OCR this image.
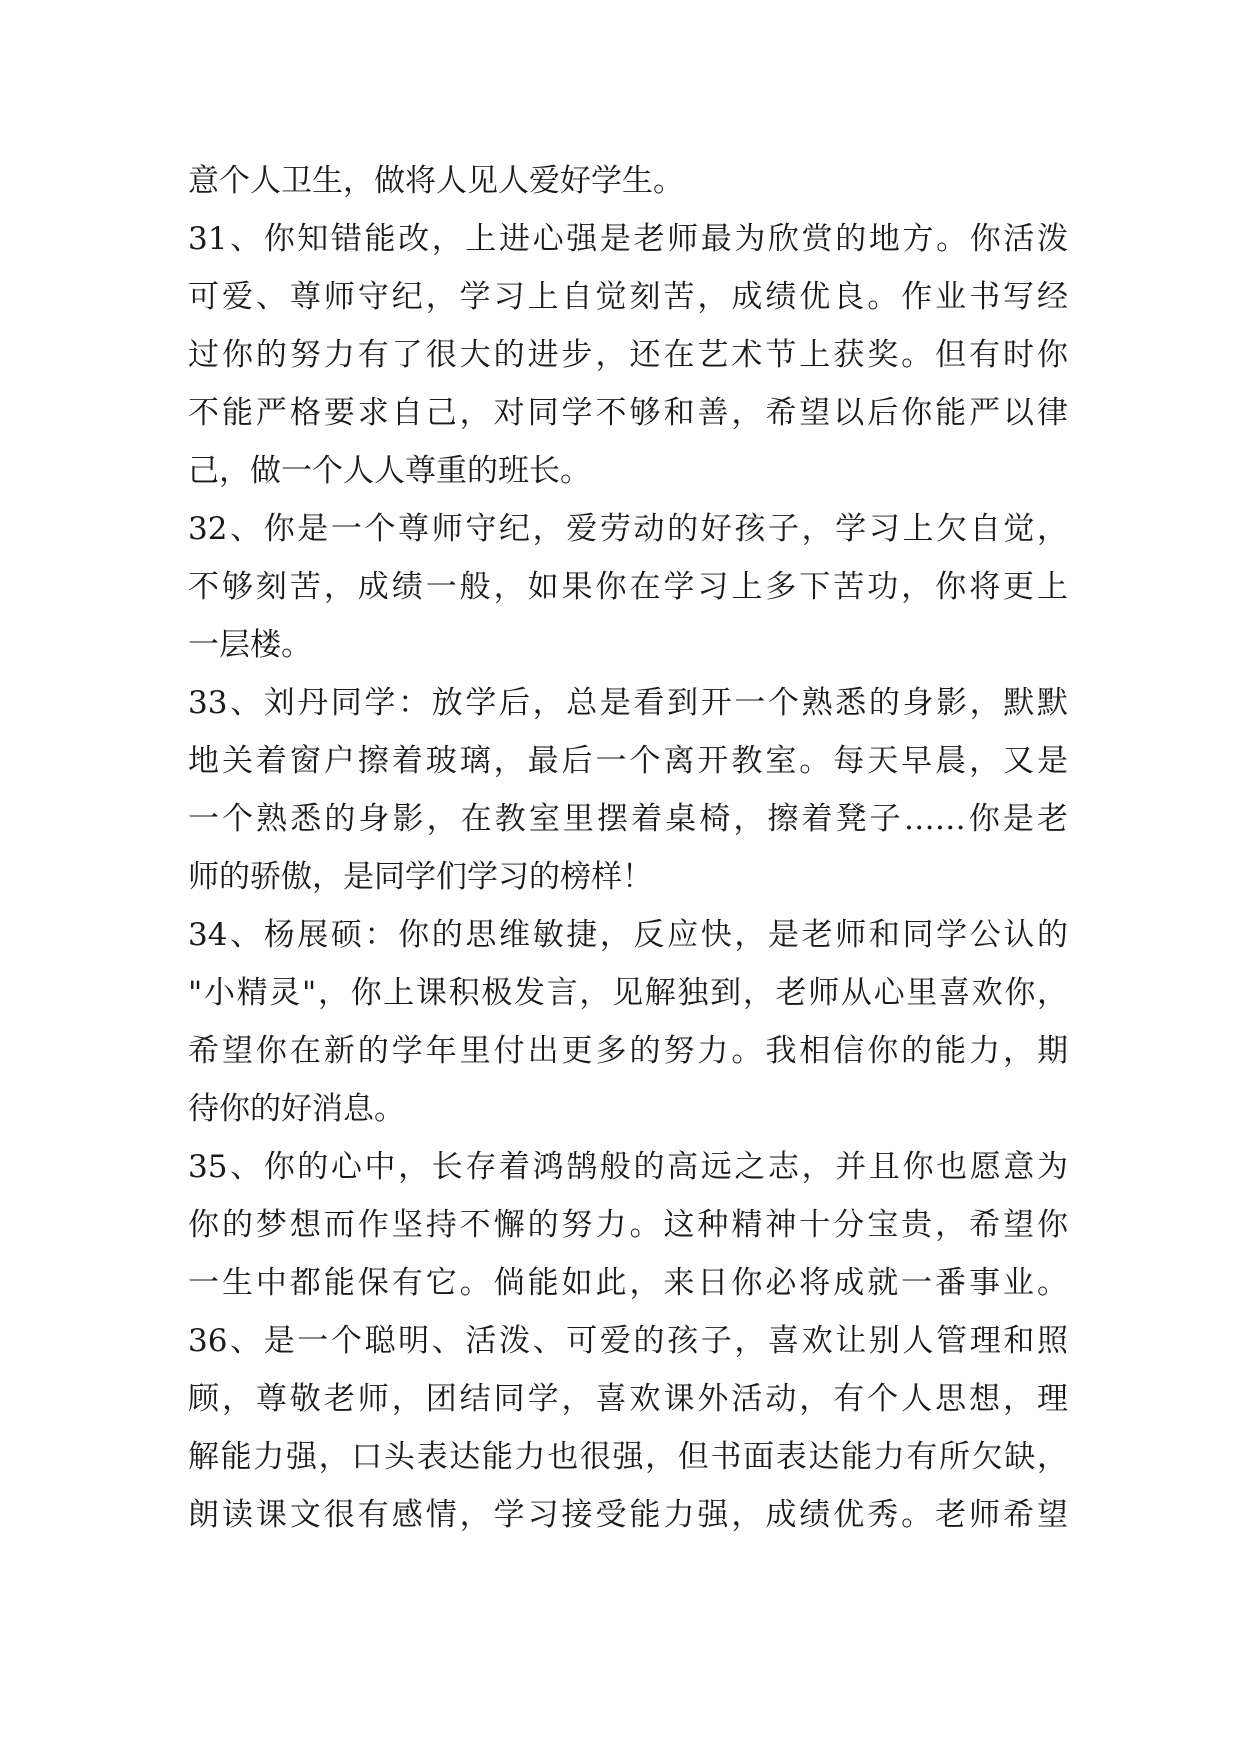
意个人卫生，做将人见人爱好学生。
31、你知错能改，上进心强是老师最为欣赏的地方。你活泼
可爱、尊师守纪，学习上自觉刻苦，成绩优良。作业书写经
过你的努力有了很大的进步，还在艺术节上获奖。但有时你
不能严格要求自己，对同学不够和善，希望以后你能严以律
己，做一个人人尊重的班长。
32、你是一个尊师守纪，爱劳动的好孩子，学习上欠自觉，
不够刻苦，成绩一般，如果你在学习上多下苦功，你将更上
一层楼。
33、刘丹同学：放学后，总是看到开一个熟悉的身影，默默
地关着窗户擦着玻璃，最后一个离开教室。每天早晨，又是
一个熟悉的身影，在教室里摆着桌椅，擦着凳子……你是老
师的骄傲，是同学们学习的榜样！
34、杨展硕：你的思维敏捷，反应快，是老师和同学公认的
"小精灵"，你上课积极发言，见解独到，老师从心里喜欢你，
希望你在新的学年里付出更多的努力。我相信你的能力，期
待你的好消息。
35、你的心中，长存着鸿鹄般的高远之志，并且你也愿意为
你的梦想而作坚持不懈的努力。这种精神十分宝贵，希望你
一生中都能保有它。倘能如此，来日你必将成就一番事业。
36、是一个聪明、活泼、可爱的孩子，喜欢让别人管理和照
顾，尊敬老师，团结同学，喜欢课外活动，有个人思想，理
解能力强，口头表达能力也很强，但书面表达能力有所欠缺，
朗读课文很有感情，学习接受能力强，成绩优秀。老师希望
